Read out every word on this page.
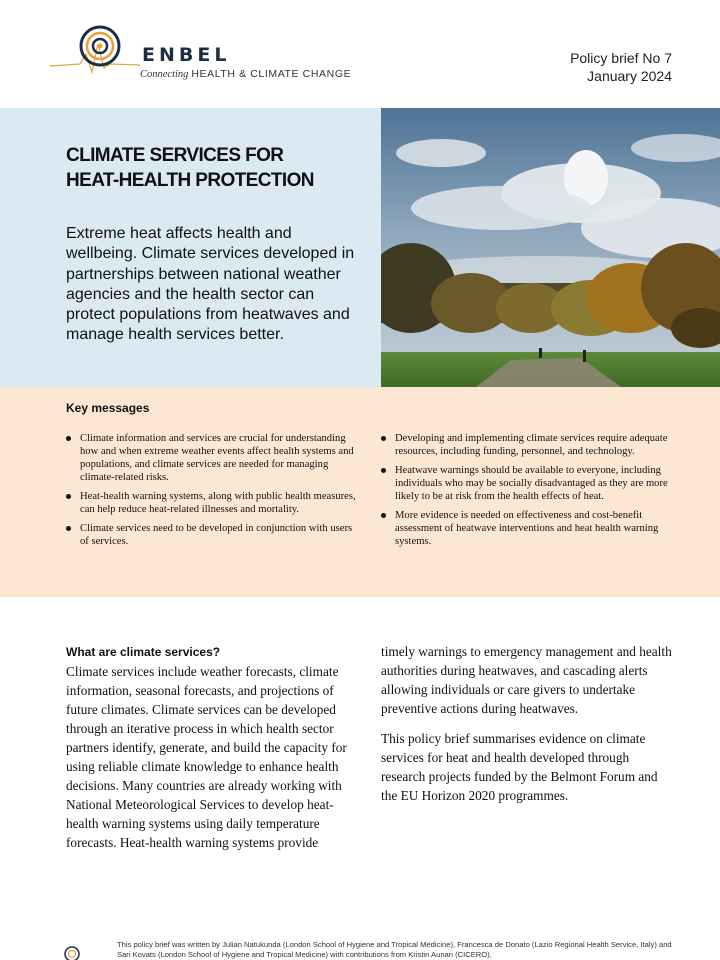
ENBEL
Connecting HEALTH & CLIMATE CHANGE
Policy brief No 7
January 2024
CLIMATE SERVICES FOR
HEAT-HEALTH PROTECTION

Extreme heat affects health and wellbeing. Climate services developed in partnerships between national weather agencies and the health sector can protect populations from heatwaves and manage health services better.

Key messages
Climate information and services are crucial for understanding how and when extreme weather events affect health systems and populations, and climate services are needed for managing climate-related risks.
Heat-health warning systems, along with public health measures, can help reduce heat-related illnesses and mortality.
Climate services need to be developed in conjunction with users of services.
Developing and implementing climate services require adequate resources, including funding, personnel, and technology.
Heatwave warnings should be available to everyone, including individuals who may be socially disadvantaged as they are more likely to be at risk from the health effects of heat.
More evidence is needed on effectiveness and cost-benefit assessment of heatwave interventions and heat health warning systems.
What are climate services?

Climate services include weather forecasts, climate information, seasonal forecasts, and projections of future climates. Climate services can be developed through an iterative process in which health sector partners identify, generate, and build the capacity for using reliable climate knowledge to enhance health decisions. Many countries are already working with National Meteorological Services to develop heat-health warning systems using daily temperature forecasts. Heat-health warning systems provide

timely warnings to emergency management and health authorities during heatwaves, and cascading alerts allowing individuals or care givers to undertake preventive actions during heatwaves.

This policy brief summarises evidence on climate services for heat and health developed through research projects funded by the Belmont Forum and the EU Horizon 2020 programmes.

This policy brief was written by Julian Natukunda (London School of Hygiene and Tropical Medicine), Francesca de Donato (Lazio Regional Health Service, Italy) and Sari Kovats (London School of Hygiene and Tropical Medicine) with contributions from Kristin Aunan (CICERO),
